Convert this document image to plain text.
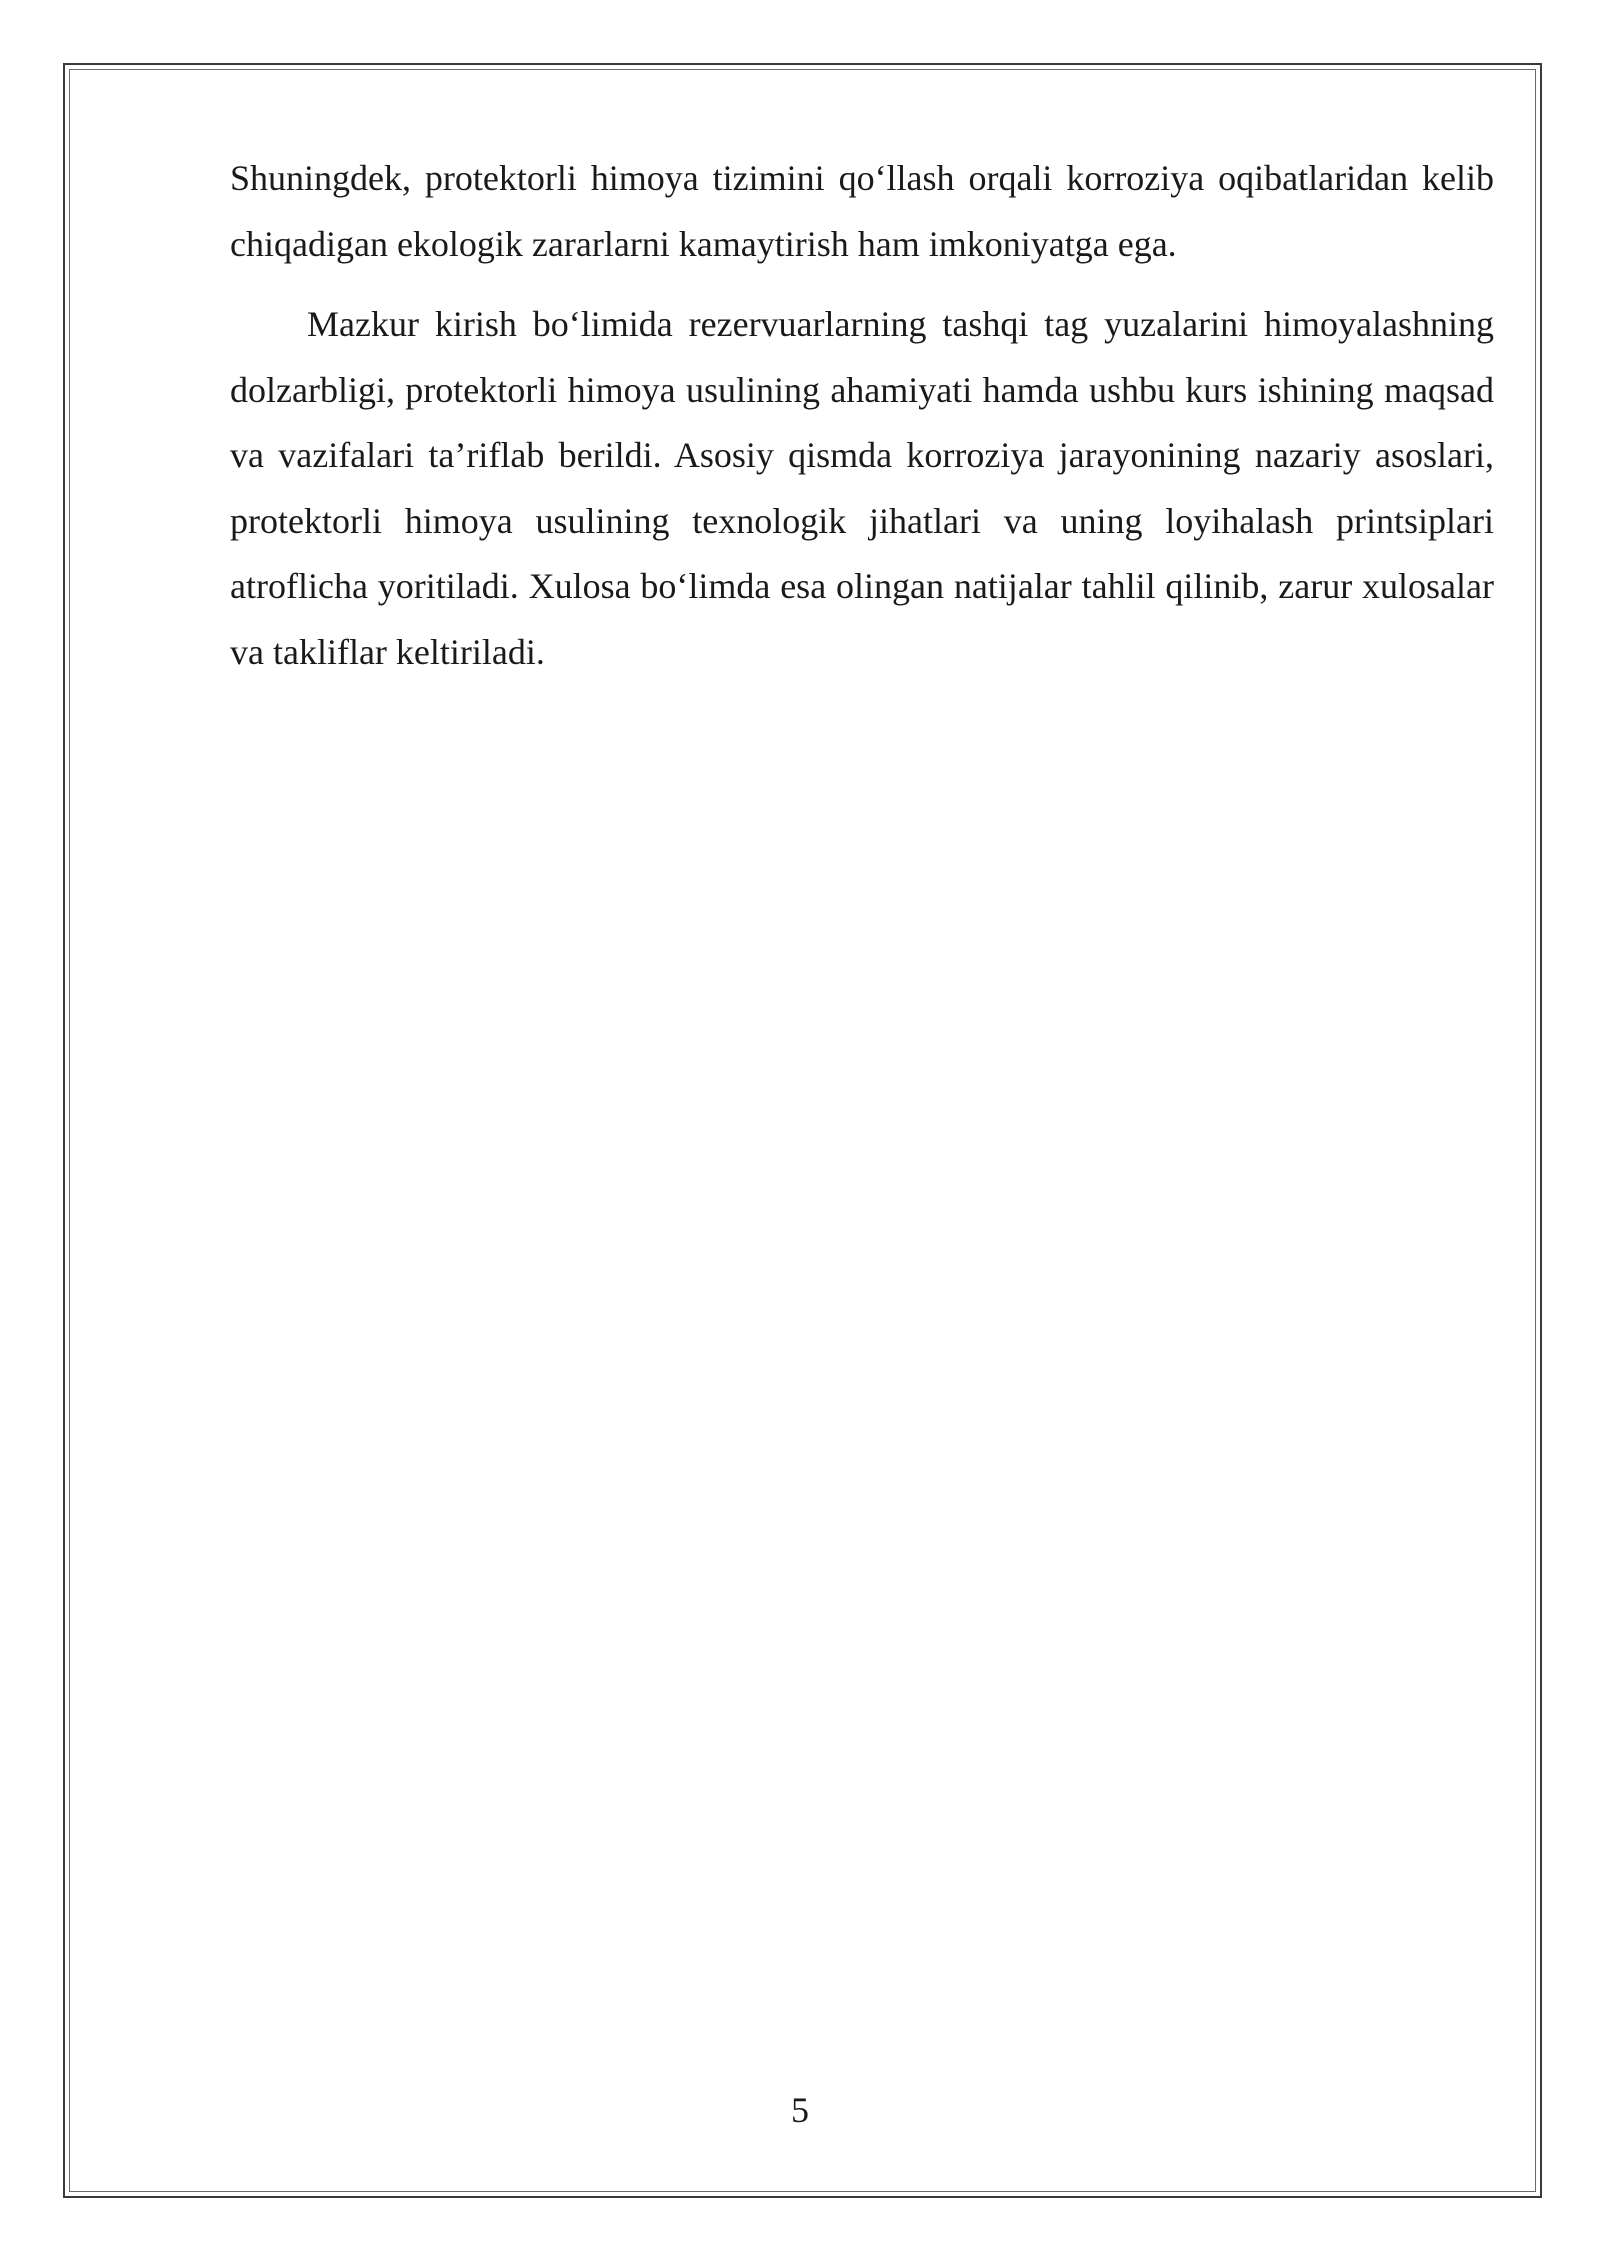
Shuningdek, protektorli himoya tizimini qo‘llash orqali korroziya oqibatlaridan kelib chiqadigan ekologik zararlarni kamaytirish ham imkoniyatga ega.

Mazkur kirish bo‘limida rezervuarlarning tashqi tag yuzalarini himoyalashning dolzarbligi, protektorli himoya usulining ahamiyati hamda ushbu kurs ishining maqsad va vazifalari ta’riflab berildi. Asosiy qismda korroziya jarayonining nazariy asoslari, protektorli himoya usulining texnologik jihatlari va uning loyihalash printsiplari atroflicha yoritiladi. Xulosa bo‘limda esa olingan natijalar tahlil qilinib, zarur xulosalar va takliflar keltiriladi.

5
